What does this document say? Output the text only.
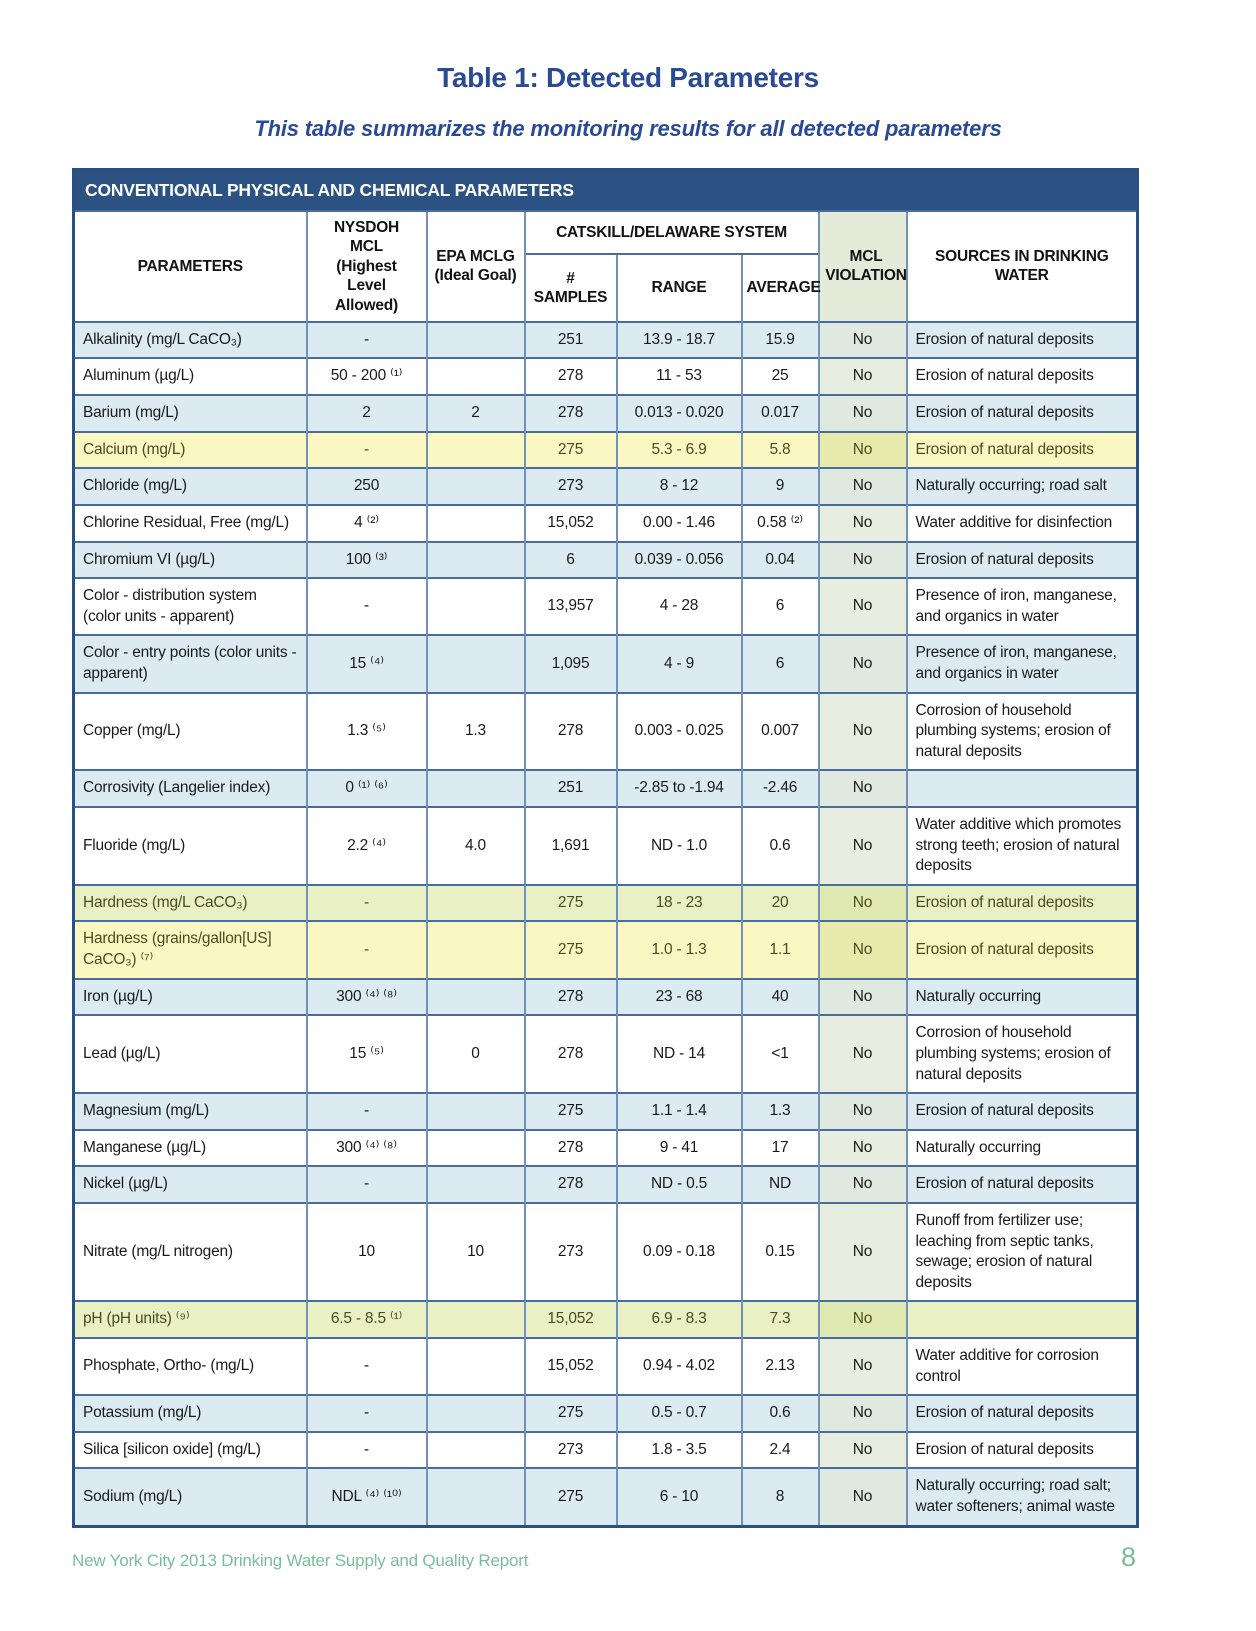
Table 1: Detected Parameters
This table summarizes the monitoring results for all detected parameters
CONVENTIONAL PHYSICAL AND CHEMICAL PARAMETERS							
PARAMETERS	NYSDOH MCL (Highest Level Allowed)	EPA MCLG (Ideal Goal)	CATSKILL/DELAWARE SYSTEM			MCL VIOLATION	SOURCES IN DRINKING WATER

			# SAMPLES	RANGE	AVERAGE		
Alkalinity (mg/L CaCO₃)	-		251	13.9 - 18.7	15.9	No	Erosion of natural deposits
Aluminum (µg/L)	50 - 200 ⁽¹⁾		278	11 - 53	25	No	Erosion of natural deposits
Barium (mg/L)	2	2	278	0.013 - 0.020	0.017	No	Erosion of natural deposits
Calcium (mg/L)	-		275	5.3 - 6.9	5.8	No	Erosion of natural deposits
Chloride (mg/L)	250		273	8 - 12	9	No	Naturally occurring; road salt
Chlorine Residual, Free (mg/L)	4 ⁽²⁾		15,052	0.00 - 1.46	0.58 ⁽²⁾	No	Water additive for disinfection
Chromium VI (µg/L)	100 ⁽³⁾		6	0.039 - 0.056	0.04	No	Erosion of natural deposits
Color - distribution system (color units - apparent)	-		13,957	4 - 28	6	No	Presence of iron, manganese, and organics in water
Color - entry points (color units - apparent)	15 ⁽⁴⁾		1,095	4 - 9	6	No	Presence of iron, manganese, and organics in water
Copper (mg/L)	1.3 ⁽⁵⁾	1.3	278	0.003 - 0.025	0.007	No	Corrosion of household plumbing systems; erosion of natural deposits
Corrosivity (Langelier index)	0 ⁽¹⁾ ⁽⁶⁾		251	-2.85 to -1.94	-2.46	No	
Fluoride (mg/L)	2.2 ⁽⁴⁾	4.0	1,691	ND - 1.0	0.6	No	Water additive which promotes strong teeth; erosion of natural deposits
Hardness (mg/L CaCO₃)	-		275	18 - 23	20	No	Erosion of natural deposits
Hardness (grains/gallon[US] CaCO₃) ⁽⁷⁾	-		275	1.0 - 1.3	1.1	No	Erosion of natural deposits
Iron (µg/L)	300 ⁽⁴⁾ ⁽⁸⁾		278	23 - 68	40	No	Naturally occurring
Lead (µg/L)	15 ⁽⁵⁾	0	278	ND - 14	<1	No	Corrosion of household plumbing systems; erosion of natural deposits
Magnesium (mg/L)	-		275	1.1 - 1.4	1.3	No	Erosion of natural deposits
Manganese (µg/L)	300 ⁽⁴⁾ ⁽⁸⁾		278	9 - 41	17	No	Naturally occurring
Nickel (µg/L)	-		278	ND - 0.5	ND	No	Erosion of natural deposits
Nitrate (mg/L nitrogen)	10	10	273	0.09 - 0.18	0.15	No	Runoff from fertilizer use; leaching from septic tanks, sewage; erosion of natural deposits
pH (pH units) ⁽⁹⁾	6.5 - 8.5 ⁽¹⁾		15,052	6.9 - 8.3	7.3	No	
Phosphate, Ortho- (mg/L)	-		15,052	0.94 - 4.02	2.13	No	Water additive for corrosion control
Potassium (mg/L)	-		275	0.5 - 0.7	0.6	No	Erosion of natural deposits
Silica [silicon oxide] (mg/L)	-		273	1.8 - 3.5	2.4	No	Erosion of natural deposits
Sodium (mg/L)	NDL ⁽⁴⁾ ⁽¹⁰⁾		275	6 - 10	8	No	Naturally occurring; road salt; water softeners; animal waste
New York City 2013 Drinking Water Supply and Quality Report	8
